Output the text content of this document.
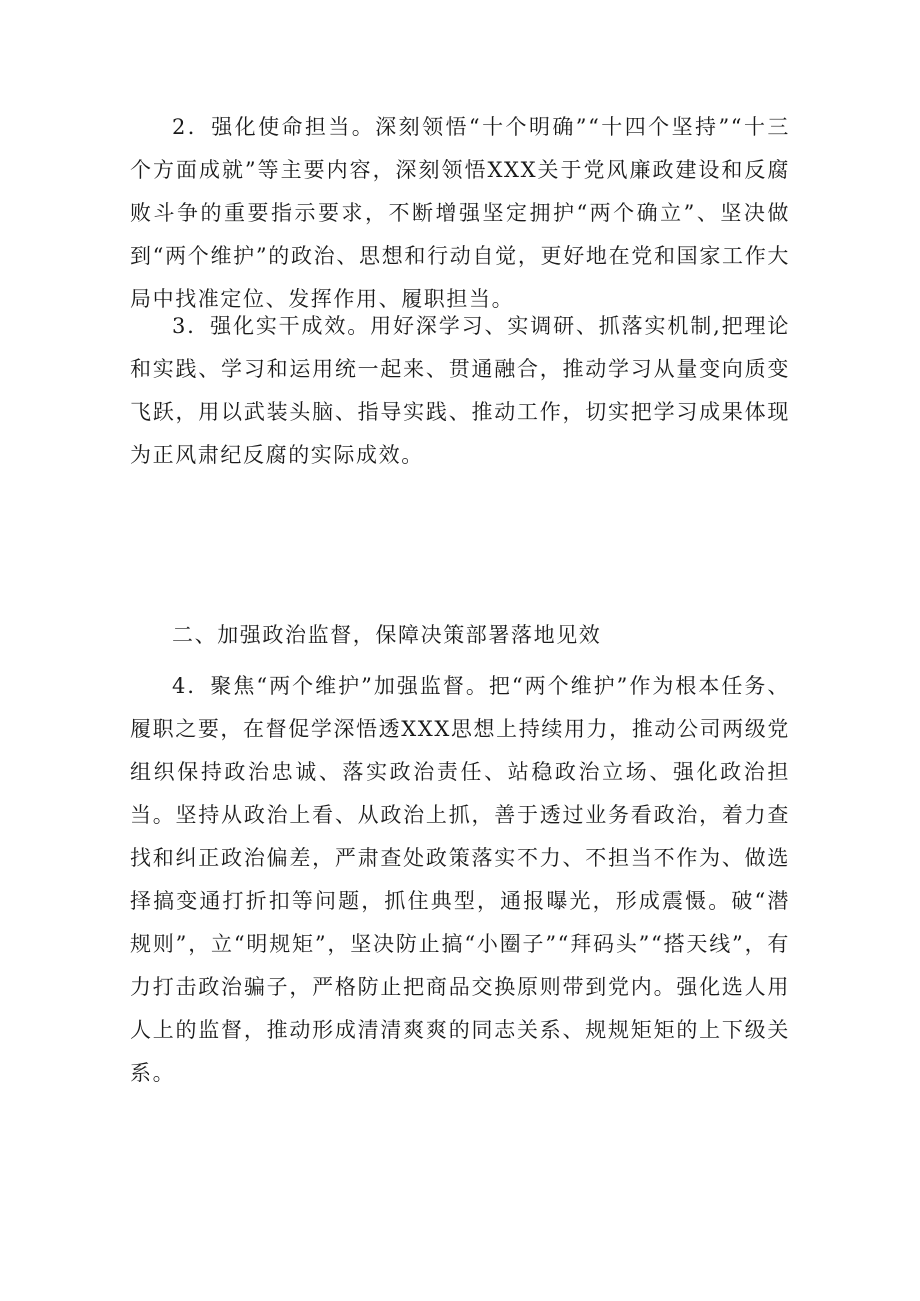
2．强化使命担当。深刻领悟“十个明确”“十四个坚持”“十三个方面成就”等主要内容，深刻领悟XXX关于党风廉政建设和反腐败斗争的重要指示要求，不断增强坚定拥护“两个确立”、坚决做到“两个维护”的政治、思想和行动自觉，更好地在党和国家工作大局中找准定位、发挥作用、履职担当。

3．强化实干成效。用好深学习、实调研、抓落实机制,把理论和实践、学习和运用统一起来、贯通融合，推动学习从量变向质变飞跃，用以武装头脑、指导实践、推动工作，切实把学习成果体现为正风肃纪反腐的实际成效。

二、加强政治监督，保障决策部署落地见效

4．聚焦“两个维护”加强监督。把“两个维护”作为根本任务、履职之要，在督促学深悟透XXX思想上持续用力，推动公司两级党组织保持政治忠诚、落实政治责任、站稳政治立场、强化政治担当。坚持从政治上看、从政治上抓，善于透过业务看政治，着力查找和纠正政治偏差，严肃查处政策落实不力、不担当不作为、做选择搞变通打折扣等问题，抓住典型，通报曝光，形成震慑。破“潜规则”，立“明规矩”，坚决防止搞“小圈子”“拜码头”“搭天线”，有力打击政治骗子，严格防止把商品交换原则带到党内。强化选人用人上的监督，推动形成清清爽爽的同志关系、规规矩矩的上下级关系。
